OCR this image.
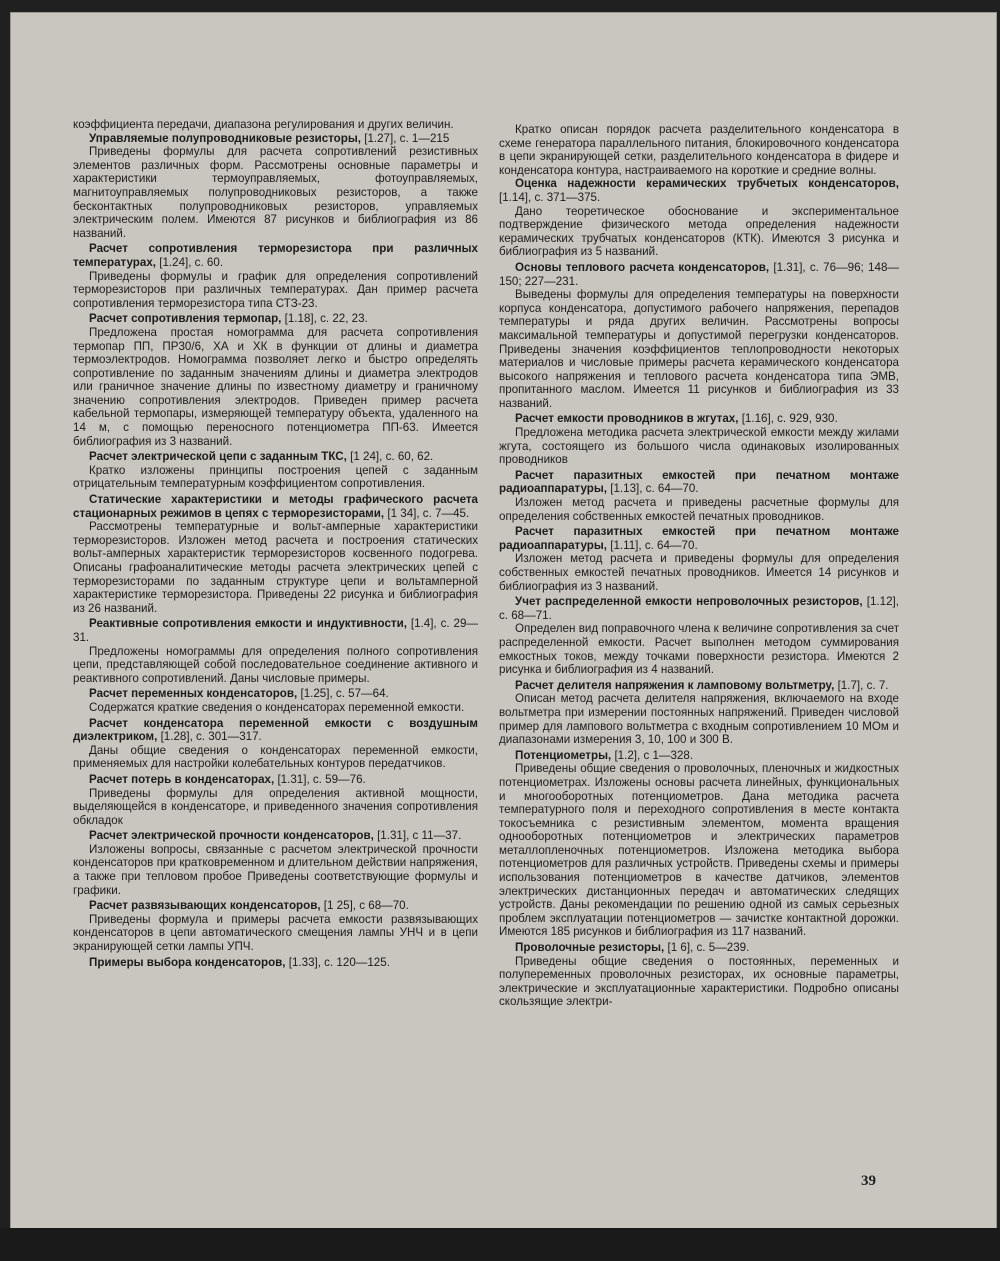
коэффициента передачи, диапазона регулирования и других величин.

Управляемые полупроводниковые резисторы, [1.27], с. 1—215

Приведены формулы для расчета сопротивлений резистивных элементов различных форм. Рассмотрены основные параметры и характеристики термоуправляемых, фотоуправляемых, магнитоуправляемых полупроводниковых резисторов, а также бесконтактных полупроводниковых резисторов, управляемых электрическим полем. Имеются 87 рисунков и библиография из 86 названий.

Расчет сопротивления терморезистора при различных температурах, [1.24], с. 60.

Приведены формулы и график для определения сопротивлений терморезисторов при различных температурах. Дан пример расчета сопротивления терморезистора типа СТЗ-23.

Расчет сопротивления термопар, [1.18], с. 22, 23.

Предложена простая номограмма для расчета сопротивления термопар ПП, ПР30/6, ХА и ХК в функции от длины и диаметра термоэлектродов. Номограмма позволяет легко и быстро определять сопротивление по заданным значениям длины и диаметра электродов или граничное значение длины по известному диаметру и граничному значению сопротивления электродов. Приведен пример расчета кабельной термопары, измеряющей температуру объекта, удаленного на 14 м, с помощью переносного потенциометра ПП-63. Имеется библиография из 3 названий.

Расчет электрической цепи с заданным ТКС, [1 24], с. 60, 62.

Кратко изложены принципы построения цепей с заданным отрицательным температурным коэффициентом сопротивления.

Статические характеристики и методы графического расчета стационарных режимов в цепях с терморезисторами, [1 34], с. 7—45.

Рассмотрены температурные и вольт-амперные характеристики терморезисторов. Изложен метод расчета и построения статических вольт-амперных характеристик терморезисторов косвенного подогрева. Описаны графоаналитические методы расчета электрических цепей с терморезисторами по заданным структуре цепи и вольтамперной характеристике терморезистора. Приведены 22 рисунка и библиография из 26 названий.

Реактивные сопротивления емкости и индуктивности, [1.4], с. 29—31.

Предложены номограммы для определения полного сопротивления цепи, представляющей собой последовательное соединение активного и реактивного сопротивлений. Даны числовые примеры.

Расчет переменных конденсаторов, [1.25], с. 57—64.

Содержатся краткие сведения о конденсаторах переменной емкости.

Расчет конденсатора переменной емкости с воздушным диэлектриком, [1.28], с. 301—317.

Даны общие сведения о конденсаторах переменной емкости, применяемых для настройки колебательных контуров передатчиков.

Расчет потерь в конденсаторах, [1.31], с. 59—76.

Приведены формулы для определения активной мощности, выделяющейся в конденсаторе, и приведенного значения сопротивления обкладок

Расчет электрической прочности конденсаторов, [1.31], с 11—37.

Изложены вопросы, связанные с расчетом электрической прочности конденсаторов при кратковременном и длительном действии напряжения, а также при тепловом пробое Приведены соответствующие формулы и графики.

Расчет развязывающих конденсаторов, [1 25], с 68—70.

Приведены формула и примеры расчета емкости развязывающих конденсаторов в цепи автоматического смещения лампы УНЧ и в цепи экранирующей сетки лампы УПЧ.

Примеры выбора конденсаторов, [1.33], с. 120—125.

Кратко описан порядок расчета разделительного конденсатора в схеме генератора параллельного питания, блокировочного конденсатора в цепи экранирующей сетки, разделительного конденсатора в фидере и конденсатора контура, настраиваемого на короткие и средние волны.

Оценка надежности керамических трубчетых конденсаторов, [1.14], с. 371—375.

Дано теоретическое обоснование и экспериментальное подтверждение физического метода определения надежности керамических трубчатых конденсаторов (КТК). Имеются 3 рисунка и библиография из 5 названий.

Основы теплового расчета конденсаторов, [1.31], с. 76—96; 148—150; 227—231.

Выведены формулы для определения температуры на поверхности корпуса конденсатора, допустимого рабочего напряжения, перепадов температуры и ряда других величин. Рассмотрены вопросы максимальной температуры и допустимой перегрузки конденсаторов. Приведены значения коэффициентов теплопроводности некоторых материалов и числовые примеры расчета керамического конденсатора высокого напряжения и теплового расчета конденсатора типа ЭМВ, пропитанного маслом. Имеется 11 рисунков и библиография из 33 названий.

Расчет емкости проводников в жгутах, [1.16], с. 929, 930.

Предложена методика расчета электрической емкости между жилами жгута, состоящего из большого числа одинаковых изолированных проводников

Расчет паразитных емкостей при печатном монтаже радиоаппаратуры, [1.13], с. 64—70.

Изложен метод расчета и приведены расчетные формулы для определения собственных емкостей печатных проводников.

Расчет паразитных емкостей при печатном монтаже радиоаппаратуры, [1.11], с. 64—70.

Изложен метод расчета и приведены формулы для определения собственных емкостей печатных проводников. Имеется 14 рисунков и библиография из 3 названий.

Учет распределенной емкости непроволочных резисторов, [1.12], с. 68—71.

Определен вид поправочного члена к величине сопротивления за счет распределенной емкости. Расчет выполнен методом суммирования емкостных токов, между точками поверхности резистора. Имеются 2 рисунка и библиография из 4 названий.

Расчет делителя напряжения к ламповому вольтметру, [1.7], с. 7.

Описан метод расчета делителя напряжения, включаемого на входе вольтметра при измерении постоянных напряжений. Приведен числовой пример для лампового вольтметра с входным сопротивлением 10 МОм и диапазонами измерения 3, 10, 100 и 300 В.

Потенциометры, [1.2], с 1—328.

Приведены общие сведения о проволочных, пленочных и жидкостных потенциометрах. Изложены основы расчета линейных, функциональных и многооборотных потенциометров. Дана методика расчета температурного поля и переходного сопротивления в месте контакта токосъемника с резистивным элементом, момента вращения однооборотных потенциометров и электрических параметров металлопленочных потенциометров. Изложена методика выбора потенциометров для различных устройств. Приведены схемы и примеры использования потенциометров в качестве датчиков, элементов электрических дистанционных передач и автоматических следящих устройств. Даны рекомендации по решению одной из самых серьезных проблем эксплуатации потенциометров — зачистке контактной дорожки. Имеются 185 рисунков и библиография из 117 названий.

Проволочные резисторы, [1 6], с. 5—239.

Приведены общие сведения о постоянных, переменных и полупеременных проволочных резисторах, их основные параметры, электрические и эксплуатационные характеристики. Подробно описаны скользящие электри-

39
